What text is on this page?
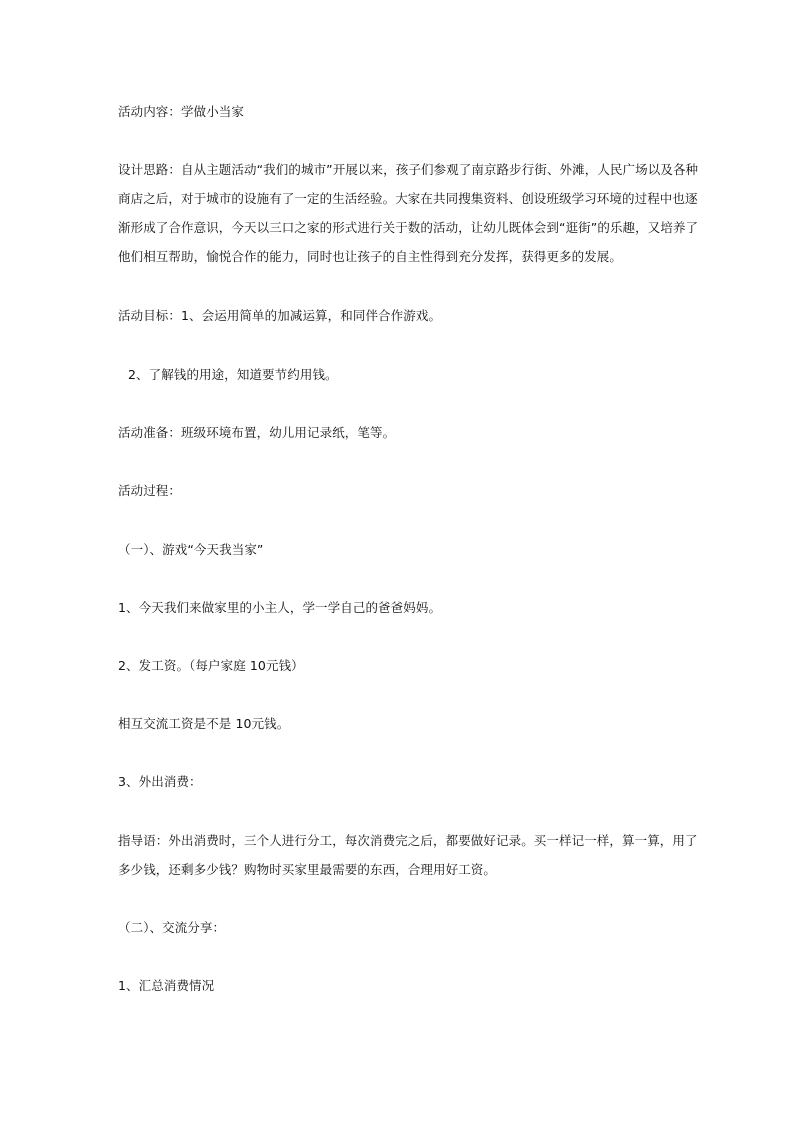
活动内容：学做小当家

设计思路：自从主题活动“我们的城市”开展以来，孩子们参观了南京路步行街、外滩，人民广场以及各种

商店之后，对于城市的设施有了一定的生活经验。大家在共同搜集资料、创设班级学习环境的过程中也逐

渐形成了合作意识，今天以三口之家的形式进行关于数的活动，让幼儿既体会到“逛街”的乐趣，又培养了

他们相互帮助，愉悦合作的能力，同时也让孩子的自主性得到充分发挥，获得更多的发展。

活动目标：1、会运用简单的加减运算，和同伴合作游戏。

2、了解钱的用途，知道要节约用钱。

活动准备：班级环境布置，幼儿用记录纸，笔等。

活动过程：

（一）、游戏“今天我当家”

1、今天我们来做家里的小主人，学一学自己的爸爸妈妈。

2、发工资。（每户家庭 10元钱）

相互交流工资是不是 10元钱。

3、外出消费：

指导语：外出消费时，三个人进行分工，每次消费完之后，都要做好记录。买一样记一样，算一算，用了

多少钱，还剩多少钱？购物时买家里最需要的东西，合理用好工资。

（二）、交流分享：

1、汇总消费情况
